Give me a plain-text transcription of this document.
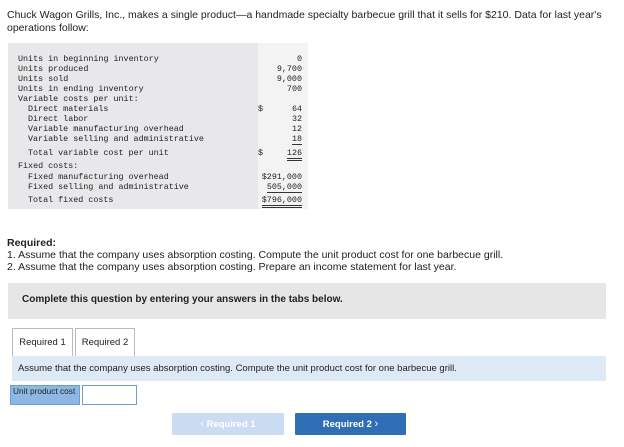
Chuck Wagon Grills, Inc., makes a single product—a handmade specialty barbecue grill that it sells for $210. Data for last year's operations follow:
Units in beginning inventory	0
Units produced	9,700
Units sold	9,000
Units in ending inventory	700
Variable costs per unit:
Direct materials	$	64
Direct labor	32
Variable manufacturing overhead	12
Variable selling and administrative	18
Total variable cost per unit	$	126
Fixed costs:
Fixed manufacturing overhead	$291,000
Fixed selling and administrative	505,000
Total fixed costs	$796,000
Required:
1. Assume that the company uses absorption costing. Compute the unit product cost for one barbecue grill.
2. Assume that the company uses absorption costing. Prepare an income statement for last year.
Complete this question by entering your answers in the tabs below.
Required 1	Required 2
Assume that the company uses absorption costing. Compute the unit product cost for one barbecue grill.
Unit product cost
‹ Required 1	Required 2 ›
